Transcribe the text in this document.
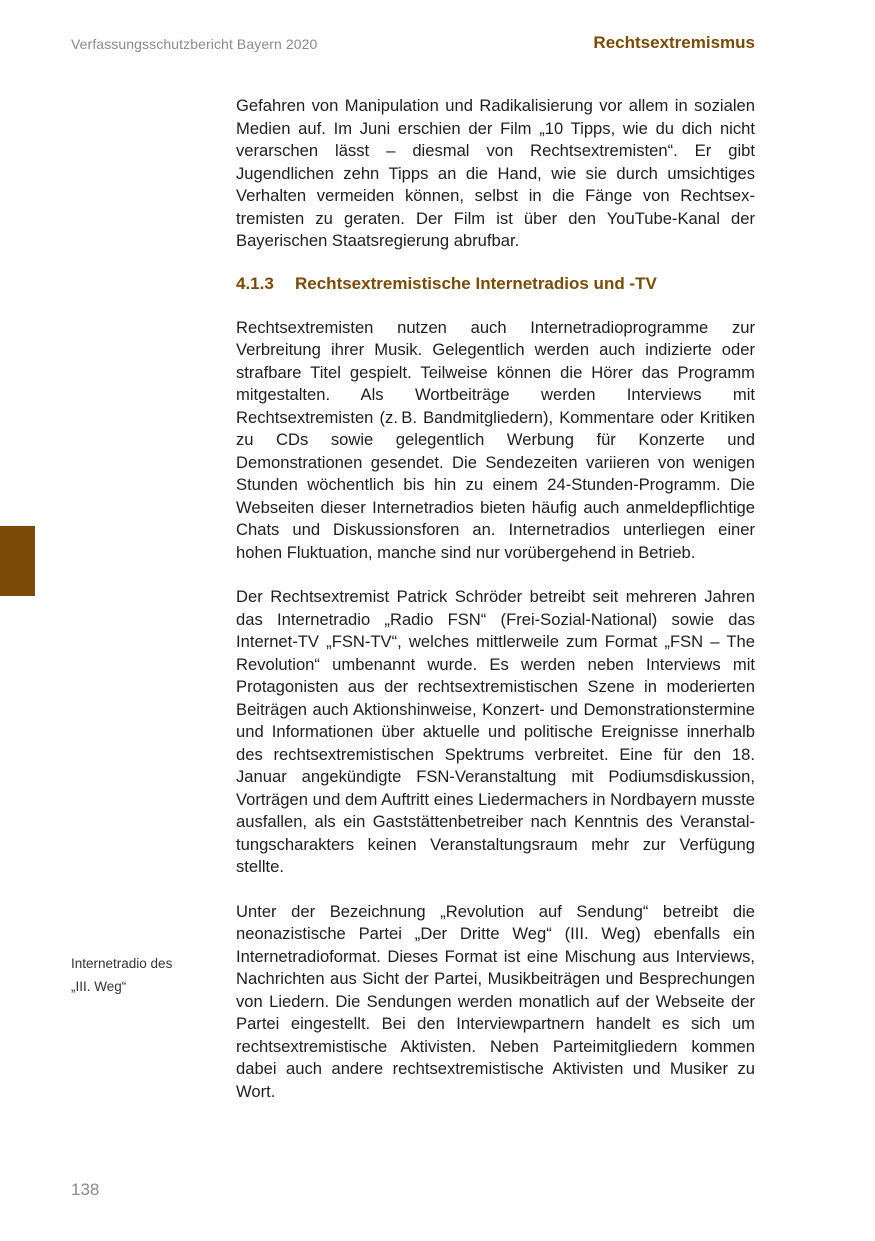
Verfassungsschutzbericht Bayern 2020	Rechtsextremismus

Gefahren von Manipulation und Radikalisierung vor allem in sozialen Medien auf. Im Juni erschien der Film „10 Tipps, wie du dich nicht verarschen lässt – diesmal von Rechtsextremisten“. Er gibt Jugendlichen zehn Tipps an die Hand, wie sie durch umsichtiges Verhalten vermeiden können, selbst in die Fänge von Rechtsextremisten zu geraten. Der Film ist über den YouTube-Kanal der Bayerischen Staatsregierung abrufbar.

4.1.3	Rechtsextremistische Internetradios und -TV

Rechtsextremisten nutzen auch Internetradioprogramme zur Verbreitung ihrer Musik. Gelegentlich werden auch indizierte oder strafbare Titel gespielt. Teilweise können die Hörer das Programm mitgestalten. Als Wortbeiträge werden Interviews mit Rechtsextremisten (z. B. Bandmitgliedern), Kommentare oder Kritiken zu CDs sowie gelegentlich Werbung für Konzerte und Demonstrationen gesendet. Die Sendezeiten variieren von wenigen Stunden wöchentlich bis hin zu einem 24-Stunden-Programm. Die Webseiten dieser Internetradios bieten häufig auch anmeldepflichtige Chats und Diskussionsforen an. Internetradios unterliegen einer hohen Fluktuation, manche sind nur vorübergehend in Betrieb.

Der Rechtsextremist Patrick Schröder betreibt seit mehreren Jahren das Internetradio „Radio FSN“ (Frei-Sozial-National) sowie das Internet-TV „FSN-TV“, welches mittlerweile zum Format „FSN – The Revolution“ umbenannt wurde. Es werden neben Interviews mit Protagonisten aus der rechtsextremistischen Szene in moderierten Beiträgen auch Aktionshinweise, Konzert- und Demonstrationstermine und Informationen über aktuelle und politische Ereignisse innerhalb des rechtsextremistischen Spektrums verbreitet. Eine für den 18. Januar angekündigte FSN-Veranstaltung mit Podiumsdiskussion, Vorträgen und dem Auftritt eines Liedermachers in Nordbayern musste ausfallen, als ein Gaststättenbetreiber nach Kenntnis des Veranstaltungscharakters keinen Veranstaltungsraum mehr zur Verfügung stellte.

Unter der Bezeichnung „Revolution auf Sendung“ betreibt die neonazistische Partei „Der Dritte Weg“ (III. Weg) ebenfalls ein Internetradioformat. Dieses Format ist eine Mischung aus Interviews, Nachrichten aus Sicht der Partei, Musikbeiträgen und Besprechungen von Liedern. Die Sendungen werden monatlich auf der Webseite der Partei eingestellt. Bei den Interviewpartnern handelt es sich um rechtsextremistische Aktivisten. Neben Parteimitgliedern kommen dabei auch andere rechtsextremistische Aktivisten und Musiker zu Wort.

Internetradio des
„III. Weg“
138
